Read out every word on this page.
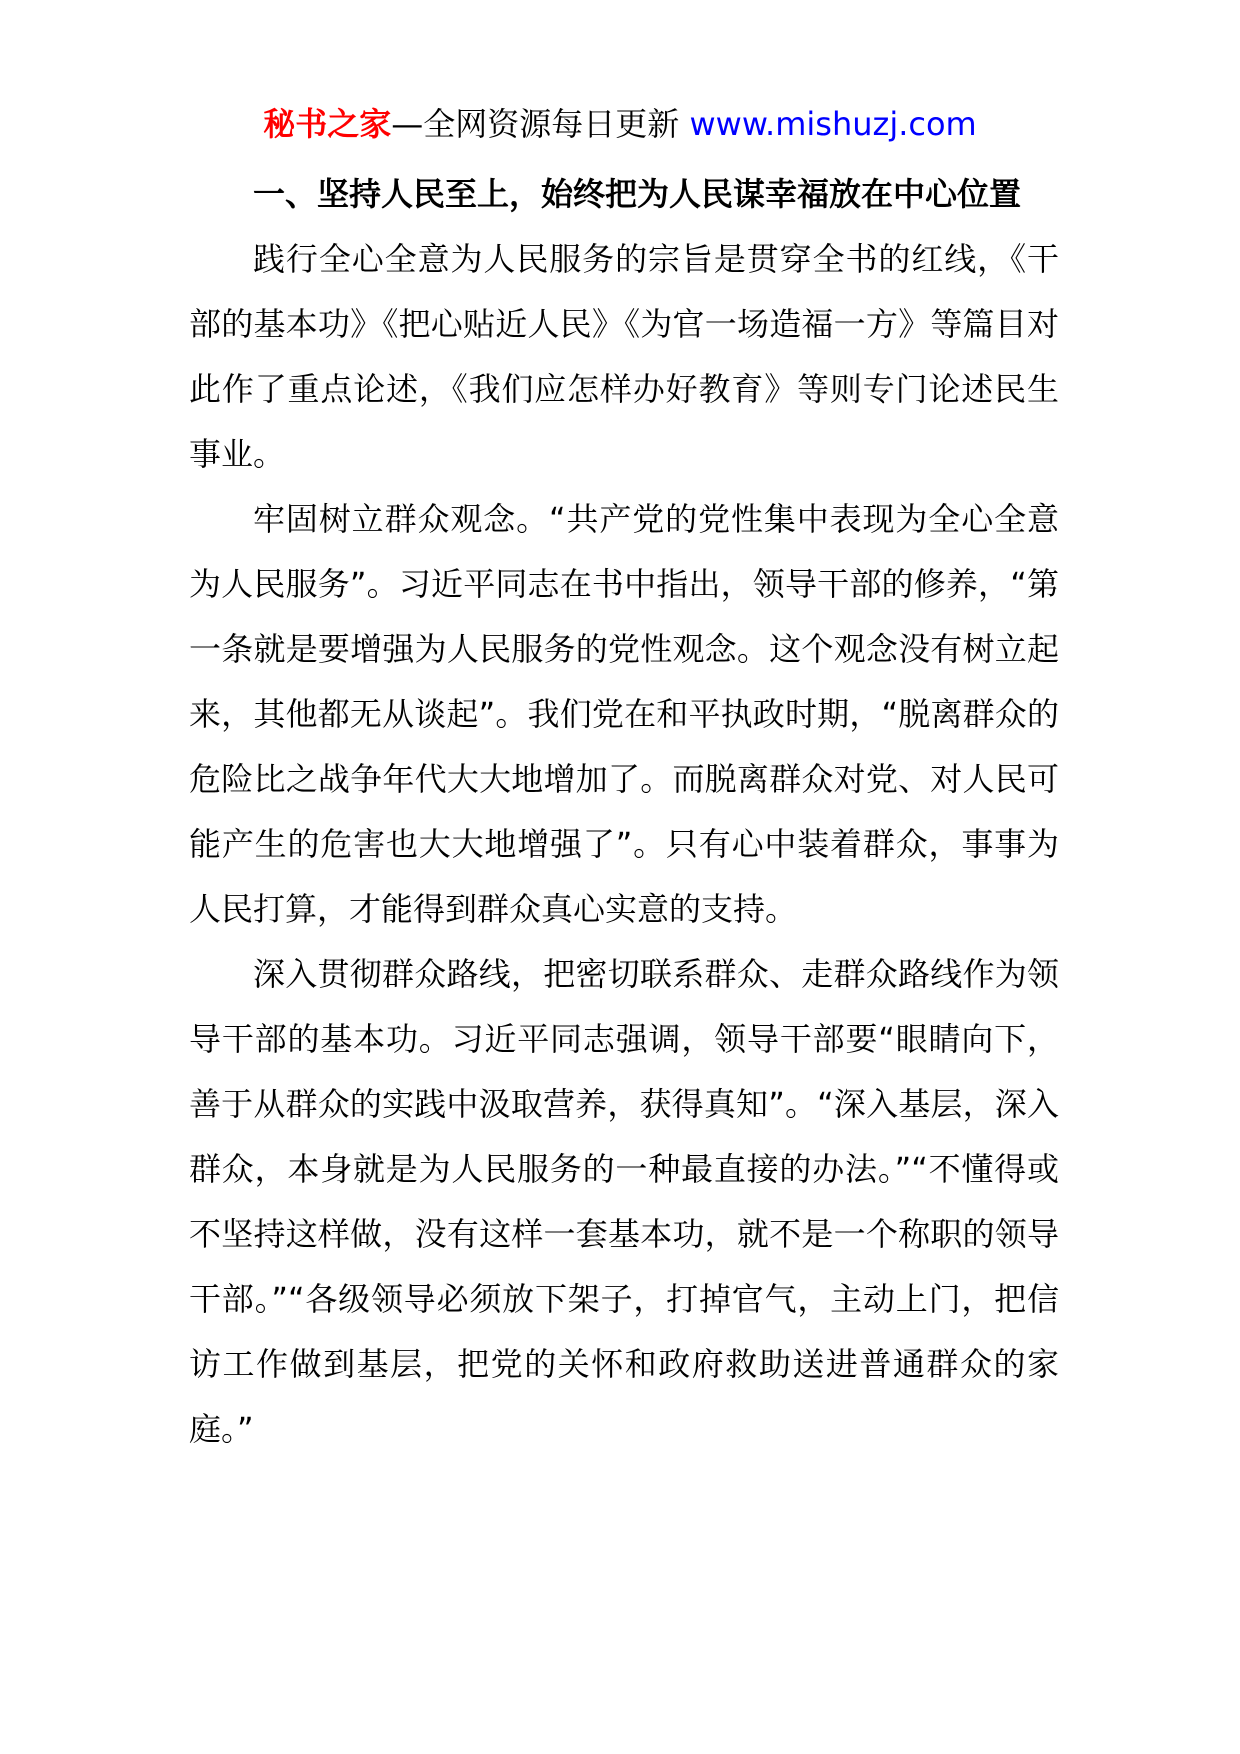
秘书之家—全网资源每日更新 www.mishuzj.com

一、坚持人民至上，始终把为人民谋幸福放在中心位置

践行全心全意为人民服务的宗旨是贯穿全书的红线，《干部的基本功》《把心贴近人民》《为官一场造福一方》等篇目对此作了重点论述，《我们应怎样办好教育》等则专门论述民生事业。

牢固树立群众观念。“共产党的党性集中表现为全心全意为人民服务”。习近平同志在书中指出，领导干部的修养，“第一条就是要增强为人民服务的党性观念。这个观念没有树立起来，其他都无从谈起”。我们党在和平执政时期，“脱离群众的危险比之战争年代大大地增加了。而脱离群众对党、对人民可能产生的危害也大大地增强了”。只有心中装着群众，事事为人民打算，才能得到群众真心实意的支持。

深入贯彻群众路线，把密切联系群众、走群众路线作为领导干部的基本功。习近平同志强调，领导干部要“眼睛向下，善于从群众的实践中汲取营养，获得真知”。“深入基层，深入群众，本身就是为人民服务的一种最直接的办法。”“不懂得或不坚持这样做，没有这样一套基本功，就不是一个称职的领导干部。”“各级领导必须放下架子，打掉官气，主动上门，把信访工作做到基层，把党的关怀和政府救助送进普通群众的家庭。”
